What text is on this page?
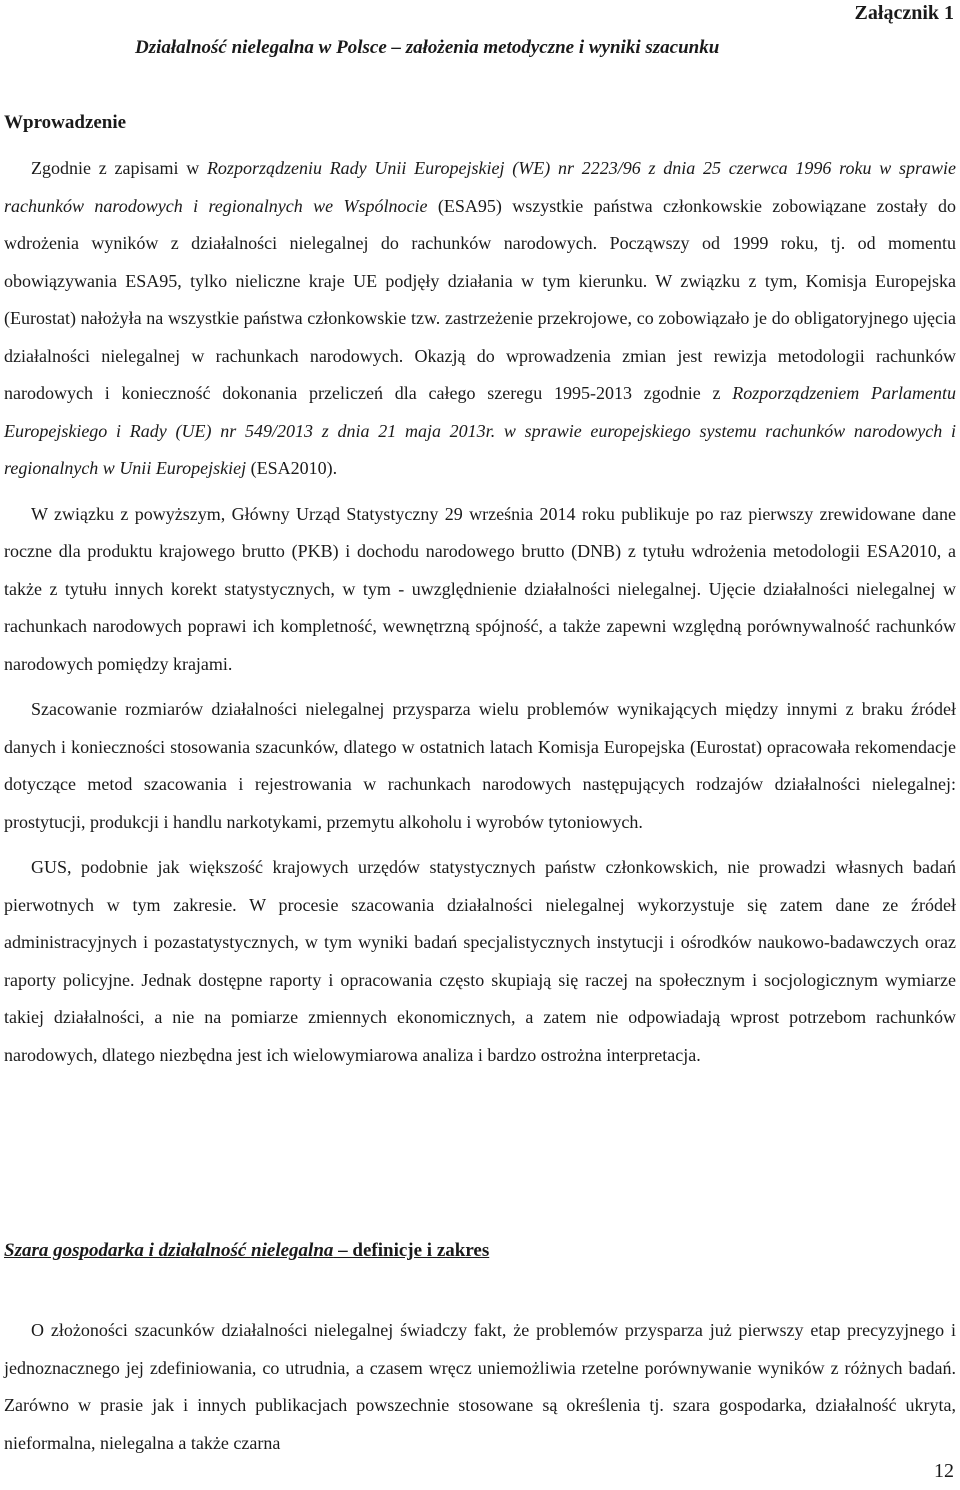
Załącznik 1
Działalność nielegalna w Polsce – założenia metodyczne i wyniki szacunku
Wprowadzenie

Zgodnie z zapisami w Rozporządzeniu Rady Unii Europejskiej (WE) nr 2223/96 z dnia 25 czerwca 1996 roku w sprawie rachunków narodowych i regionalnych we Wspólnocie (ESA95) wszystkie państwa członkowskie zobowiązane zostały do wdrożenia wyników z działalności nielegalnej do rachunków narodowych. Począwszy od 1999 roku, tj. od momentu obowiązywania ESA95, tylko nieliczne kraje UE podjęły działania w tym kierunku. W związku z tym, Komisja Europejska (Eurostat) nałożyła na wszystkie państwa członkowskie tzw. zastrzeżenie przekrojowe, co zobowiązało je do obligatoryjnego ujęcia działalności nielegalnej w rachunkach narodowych. Okazją do wprowadzenia zmian jest rewizja metodologii rachunków narodowych i konieczność dokonania przeliczeń dla całego szeregu 1995-2013 zgodnie z Rozporządzeniem Parlamentu Europejskiego i Rady (UE) nr 549/2013 z dnia 21 maja 2013r. w sprawie europejskiego systemu rachunków narodowych i regionalnych w Unii Europejskiej (ESA2010).

W związku z powyższym, Główny Urząd Statystyczny 29 września 2014 roku publikuje po raz pierwszy zrewidowane dane roczne dla produktu krajowego brutto (PKB) i dochodu narodowego brutto (DNB) z tytułu wdrożenia metodologii ESA2010, a także z tytułu innych korekt statystycznych, w tym - uwzględnienie działalności nielegalnej. Ujęcie działalności nielegalnej w rachunkach narodowych poprawi ich kompletność, wewnętrzną spójność, a także zapewni względną porównywalność rachunków narodowych pomiędzy krajami.

Szacowanie rozmiarów działalności nielegalnej przysparza wielu problemów wynikających między innymi z braku źródeł danych i konieczności stosowania szacunków, dlatego w ostatnich latach Komisja Europejska (Eurostat) opracowała rekomendacje dotyczące metod szacowania i rejestrowania w rachunkach narodowych następujących rodzajów działalności nielegalnej: prostytucji, produkcji i handlu narkotykami, przemytu alkoholu i wyrobów tytoniowych.

GUS, podobnie jak większość krajowych urzędów statystycznych państw członkowskich, nie prowadzi własnych badań pierwotnych w tym zakresie. W procesie szacowania działalności nielegalnej wykorzystuje się zatem dane ze źródeł administracyjnych i pozastatystycznych, w tym wyniki badań specjalistycznych instytucji i ośrodków naukowo-badawczych oraz raporty policyjne. Jednak dostępne raporty i opracowania często skupiają się raczej na społecznym i socjologicznym wymiarze takiej działalności, a nie na pomiarze zmiennych ekonomicznych, a zatem nie odpowiadają wprost potrzebom rachunków narodowych, dlatego niezbędna jest ich wielowymiarowa analiza i bardzo ostrożna interpretacja.

Szara gospodarka i działalność nielegalna – definicje i zakres

O złożoności szacunków działalności nielegalnej świadczy fakt, że problemów przysparza już pierwszy etap precyzyjnego i jednoznacznego jej zdefiniowania, co utrudnia, a czasem wręcz uniemożliwia rzetelne porównywanie wyników z różnych badań. Zarówno w prasie jak i innych publikacjach powszechnie stosowane są określenia tj. szara gospodarka, działalność ukryta, nieformalna, nielegalna a także czarna

12
